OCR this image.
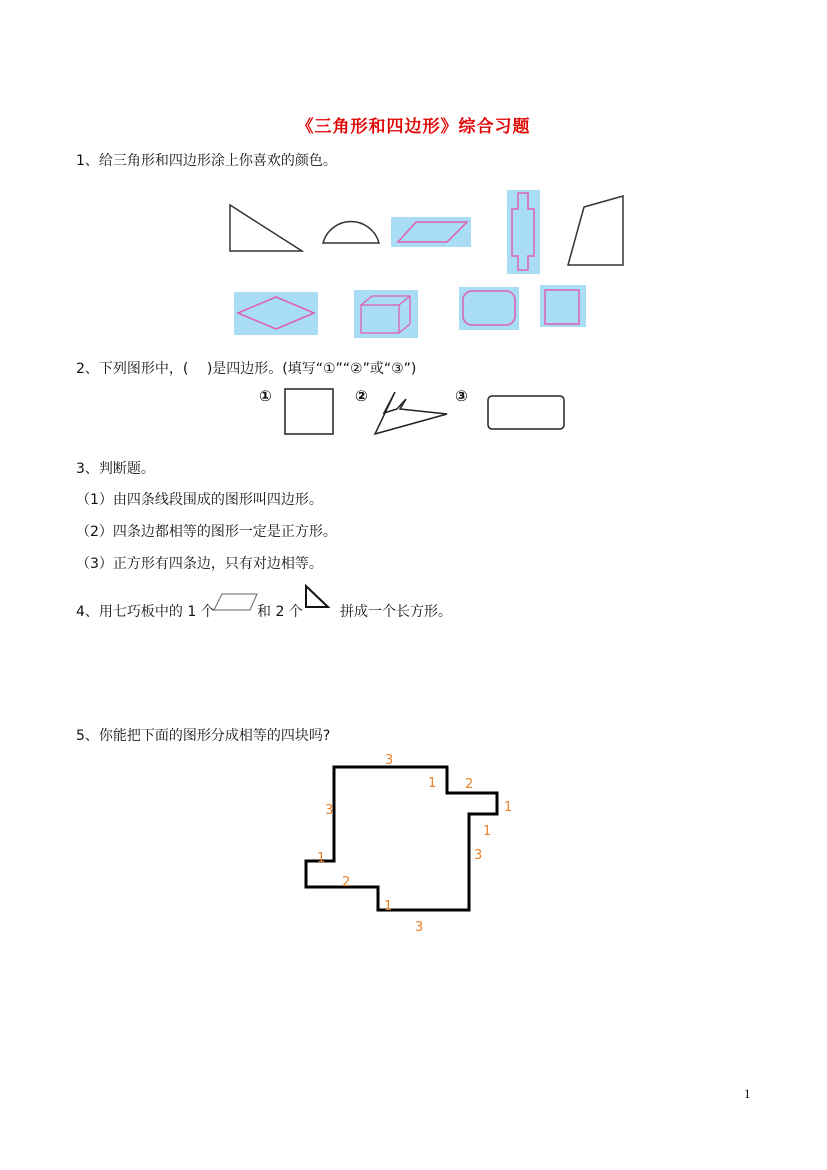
《三角形和四边形》综合习题
1、给三角形和四边形涂上你喜欢的颜色。
2、下列图形中，(　 )是四边形。(填写“①”“②”或“③”)
①	②	③
3、判断题。
（1）由四条线段围成的图形叫四边形。
（2）四条边都相等的图形一定是正方形。
（3）正方形有四条边，只有对边相等。
4、用七巧板中的 1 个	和 2 个	拼成一个长方形。
5、你能把下面的图形分成相等的四块吗?
3
1 2
1
1
3
3
1
2
1
3
1
